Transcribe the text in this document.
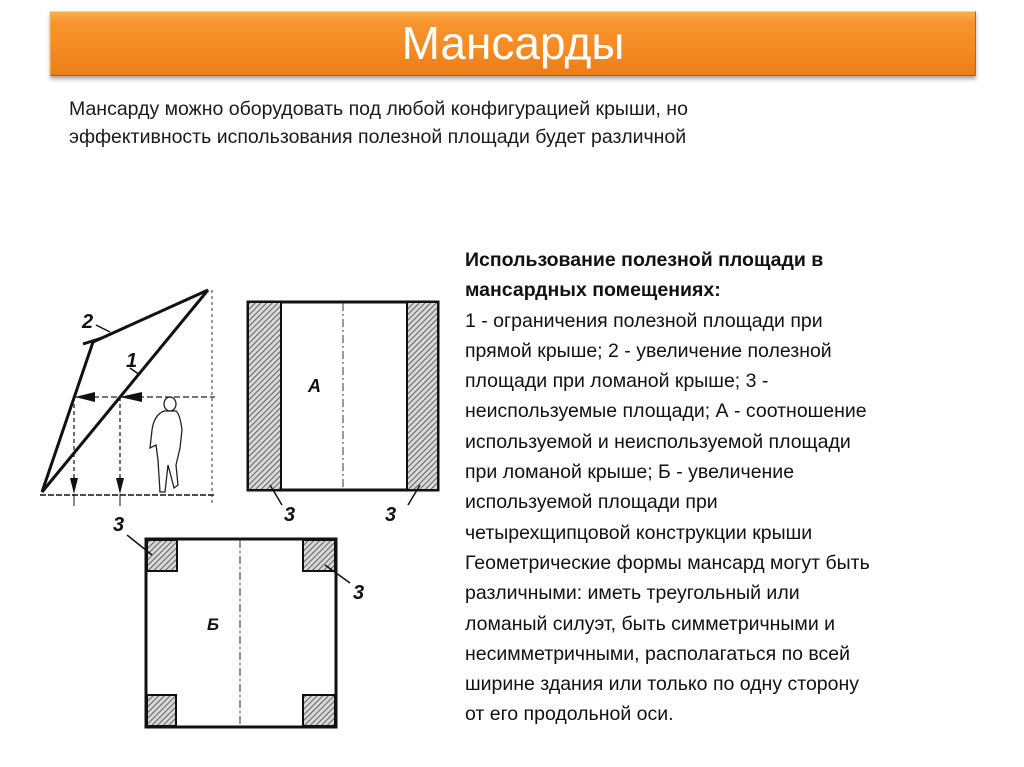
Мансарды

Мансарду можно оборудовать под любой конфигурацией крыши, но

эффективность использования полезной площади будет различной

2
1
А
3	3
Б
3
3
Использование полезной площади в
мансардных помещениях:
1 - ограничения полезной площади при
прямой крыше; 2 - увеличение полезной
площади при ломаной крыше; 3 -
неиспользуемые площади; А - соотношение
используемой и неиспользуемой площади
при ломаной крыше; Б - увеличение
используемой площади при
четырехщипцовой конструкции крыши
Геометрические формы мансард могут быть
различными: иметь треугольный или
ломаный силуэт, быть симметричными и
несимметричными, располагаться по всей
ширине здания или только по одну сторону
от его продольной оси.
